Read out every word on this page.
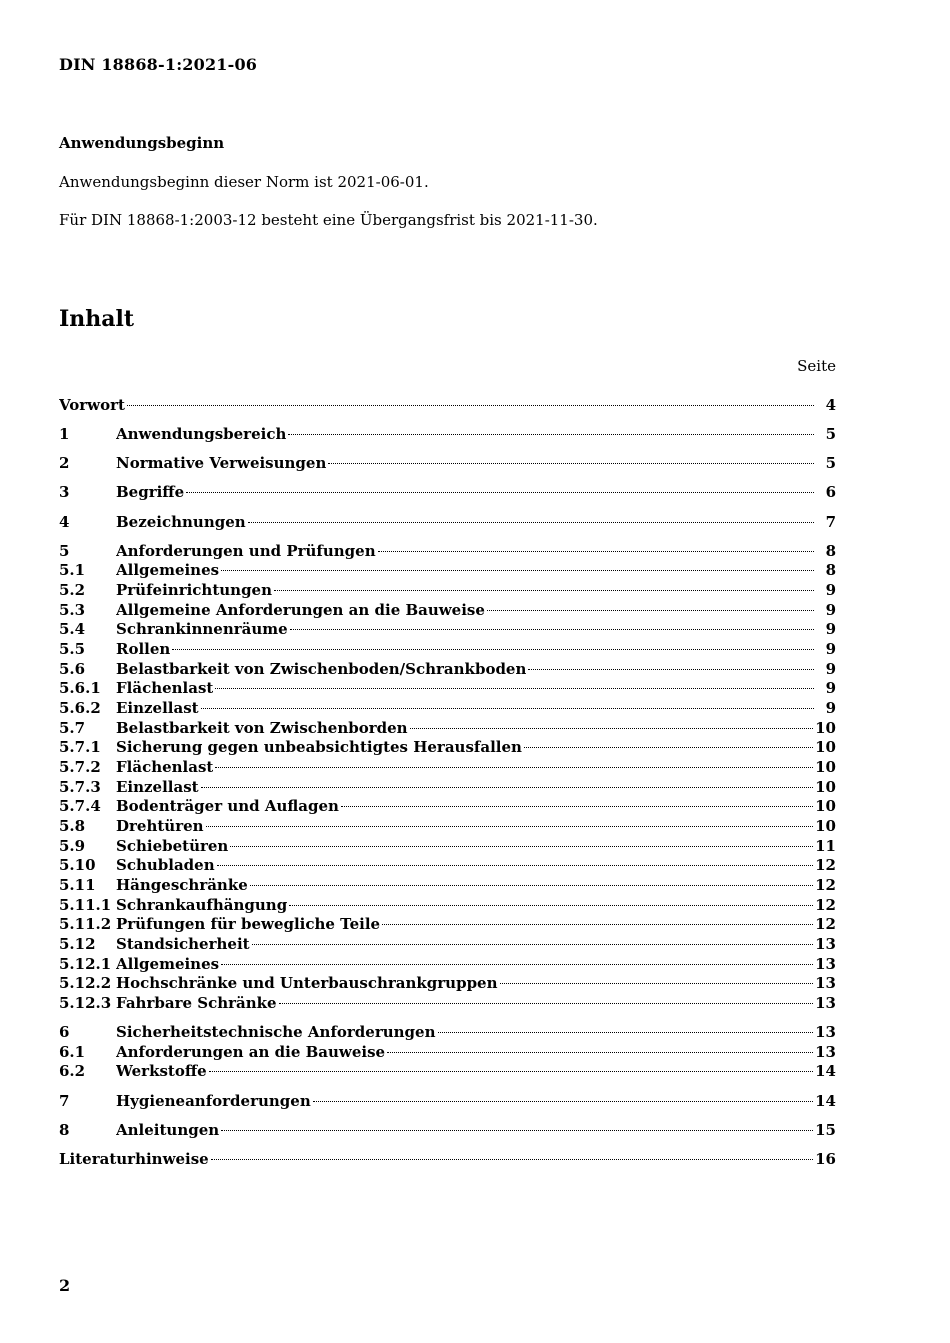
DIN 18868-1:2021-06
Anwendungsbeginn
Anwendungsbeginn dieser Norm ist 2021-06-01.
Für DIN 18868-1:2003-12 besteht eine Übergangsfrist bis 2021-11-30.
Inhalt
Seite
Vorwort	4
1	Anwendungsbereich	5
2	Normative Verweisungen	5
3	Begriffe	6
4	Bezeichnungen	7
5	Anforderungen und Prüfungen	8
5.1	Allgemeines	8
5.2	Prüfeinrichtungen	9
5.3	Allgemeine Anforderungen an die Bauweise	9
5.4	Schrankinnenräume	9
5.5	Rollen	9
5.6	Belastbarkeit von Zwischenboden/Schrankboden	9
5.6.1	Flächenlast	9
5.6.2	Einzellast	9
5.7	Belastbarkeit von Zwischenborden	10
5.7.1	Sicherung gegen unbeabsichtigtes Herausfallen	10
5.7.2	Flächenlast	10
5.7.3	Einzellast	10
5.7.4	Bodenträger und Auflagen	10
5.8	Drehtüren	10
5.9	Schiebetüren	11
5.10	Schubladen	12
5.11	Hängeschränke	12
5.11.1 Schrankaufhängung	12
5.11.2 Prüfungen für bewegliche Teile	12
5.12	Standsicherheit	13
5.12.1 Allgemeines	13
5.12.2 Hochschränke und Unterbauschrankgruppen	13
5.12.3 Fahrbare Schränke	13
6	Sicherheitstechnische Anforderungen	13
6.1	Anforderungen an die Bauweise	13
6.2	Werkstoffe	14
7	Hygieneanforderungen	14
8	Anleitungen	15
Literaturhinweise	16
2
